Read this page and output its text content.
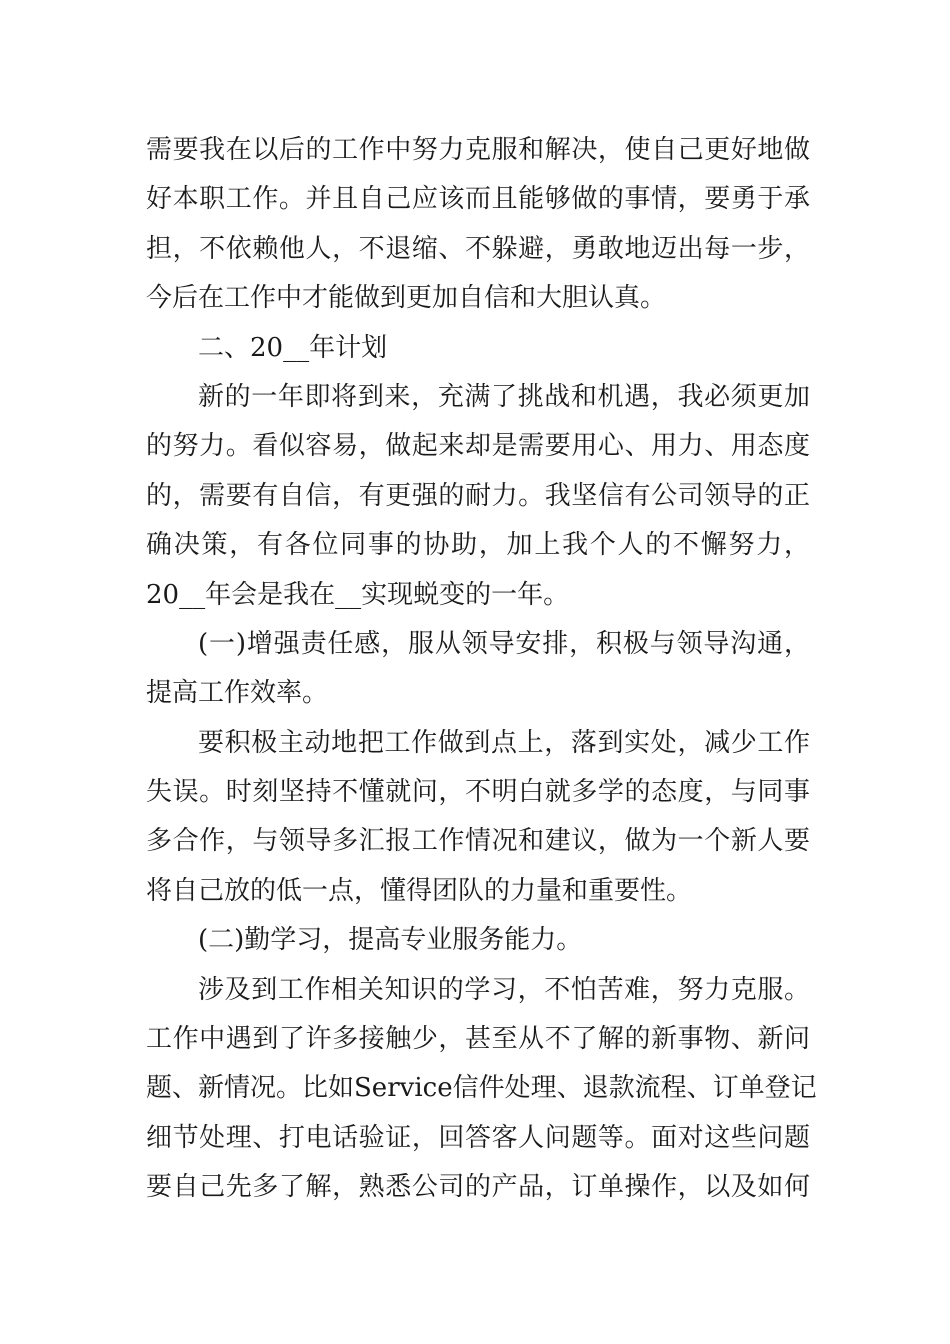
需要我在以后的工作中努力克服和解决，使自己更好地做
好本职工作。并且自己应该而且能够做的事情，要勇于承
担，不依赖他人，不退缩、不躲避，勇敢地迈出每一步，
今后在工作中才能做到更加自信和大胆认真。
二、20__年计划
新的一年即将到来，充满了挑战和机遇，我必须更加
的努力。看似容易，做起来却是需要用心、用力、用态度
的，需要有自信，有更强的耐力。我坚信有公司领导的正
确决策，有各位同事的协助，加上我个人的不懈努力，
20__年会是我在__实现蜕变的一年。
(一)增强责任感，服从领导安排，积极与领导沟通，
提高工作效率。
要积极主动地把工作做到点上，落到实处，减少工作
失误。时刻坚持不懂就问，不明白就多学的态度，与同事
多合作，与领导多汇报工作情况和建议，做为一个新人要
将自己放的低一点，懂得团队的力量和重要性。
(二)勤学习，提高专业服务能力。
涉及到工作相关知识的学习，不怕苦难，努力克服。
工作中遇到了许多接触少，甚至从不了解的新事物、新问
题、新情况。比如Service信件处理、退款流程、订单登记
细节处理、打电话验证，回答客人问题等。面对这些问题
要自己先多了解，熟悉公司的产品，订单操作，以及如何
